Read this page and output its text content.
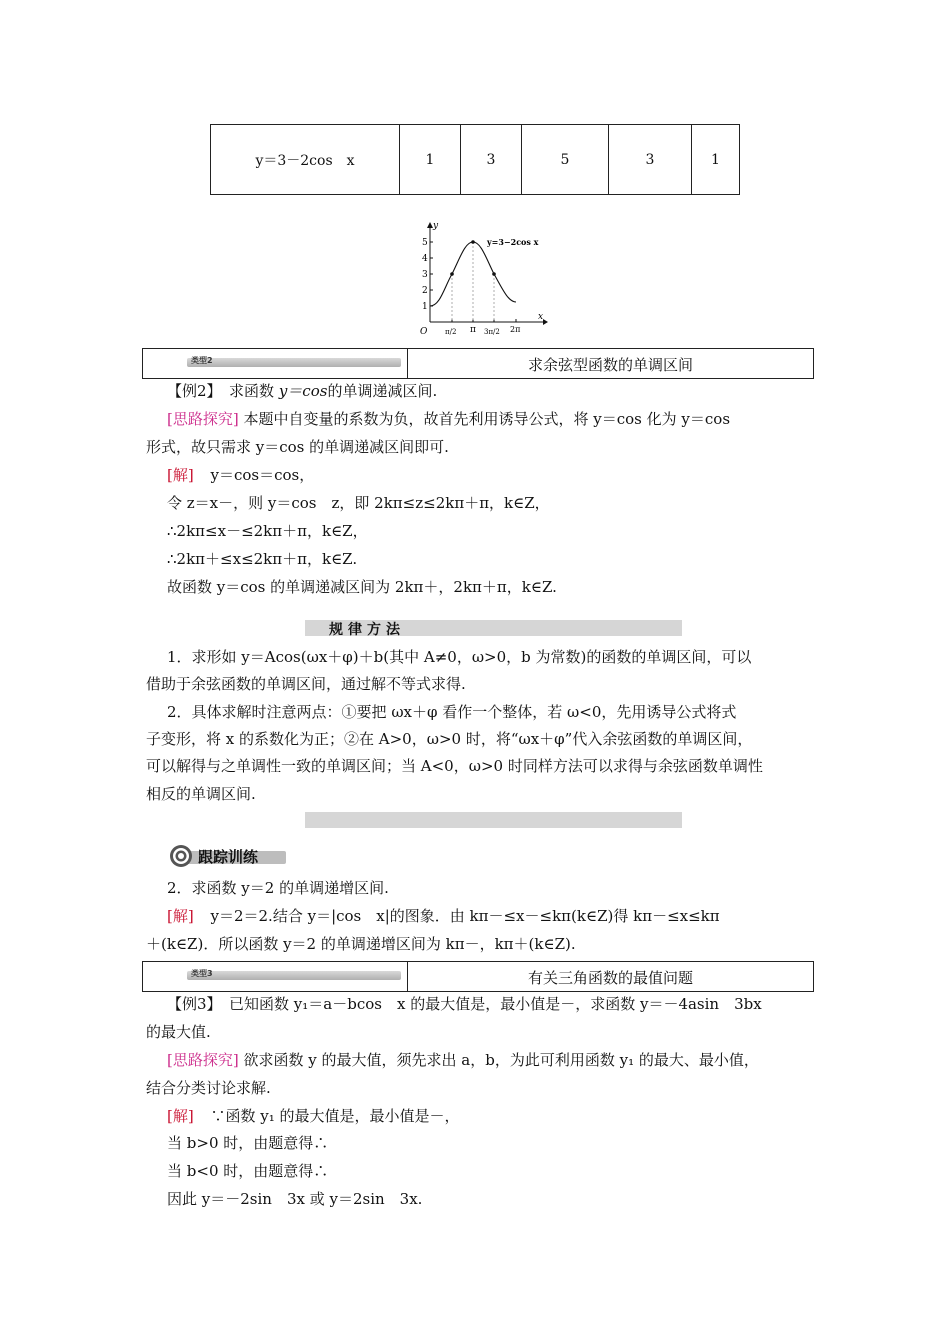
y＝3－2cos　x	1	3	5	3	1
1
2
3
4
5
y
x
O	π/2 π 3π/2 2π
y=3−2cos x
类型2	求余弦型函数的单调区间
【例2】　求函数 y＝cos的单调递减区间.
[思路探究] 本题中自变量的系数为负，故首先利用诱导公式，将 y＝cos 化为 y＝cos
形式，故只需求 y＝cos 的单调递减区间即可.
[解] y＝cos＝cos，
令 z＝x－，则 y＝cos　z，即 2kπ≤z≤2kπ＋π，k∈Z，
∴2kπ≤x－≤2kπ＋π，k∈Z，
∴2kπ＋≤x≤2kπ＋π，k∈Z.
故函数 y＝cos 的单调递减区间为 2kπ＋，2kπ＋π，k∈Z.
规律方法
1．求形如 y＝Acos(ωx＋φ)＋b(其中 A≠0，ω>0，b 为常数)的函数的单调区间，可以
借助于余弦函数的单调区间，通过解不等式求得.
2．具体求解时注意两点：①要把 ωx＋φ 看作一个整体，若 ω<0，先用诱导公式将式
子变形，将 x 的系数化为正；②在 A>0，ω>0 时，将“ωx＋φ”代入余弦函数的单调区间，
可以解得与之单调性一致的单调区间；当 A<0，ω>0 时同样方法可以求得与余弦函数单调性
相反的单调区间.
跟踪训练
2．求函数 y＝2 的单调递增区间.
[解] y＝2＝2.结合 y＝|cos　x|的图象．由 kπ－≤x－≤kπ(k∈Z)得 kπ－≤x≤kπ
＋(k∈Z)．所以函数 y＝2 的单调递增区间为 kπ－，kπ＋(k∈Z).
类型3	有关三角函数的最值问题
【例3】　已知函数 y₁＝a－bcos　x 的最大值是，最小值是－，求函数 y＝－4asin　3bx
的最大值.
[思路探究] 欲求函数 y 的最大值，须先求出 a，b，为此可利用函数 y₁ 的最大、最小值，
结合分类讨论求解.
[解] ∵函数 y₁ 的最大值是，最小值是－，
当 b>0 时，由题意得∴
当 b<0 时，由题意得∴
因此 y＝－2sin　3x 或 y＝2sin　3x.
